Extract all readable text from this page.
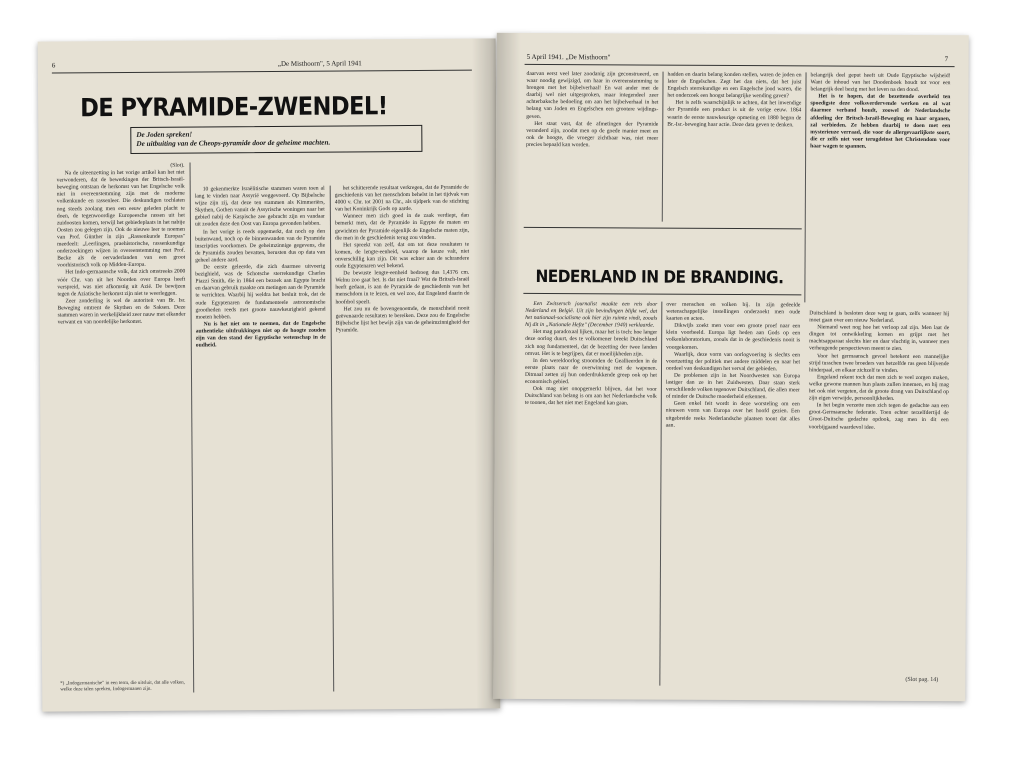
6	„De Misthoorn", 5 April 1941
DE PYRAMIDE-ZWENDEL!
De Joden spreken!
De uitbuiting van de Cheops-pyramide door de geheime machten.

(Slot).

Na de uiteenzetting in het vorige artikel kan het niet verwonderen, dat de bewerkingen der Britsch-Israël-beweging ontstaan de herkomst van het Engelsche volk niet in overeenstemming zijn met de moderne volkenkunde en rassenleer. Die deskundigen tochlaten nog steeds zoolang men een eeuw geleden placht te doen, de tegenwoordige Europeesche rassen uit het zuidoosten komen, terwijl het gebiedeplaats in het nabije Oosten zou gelegen zijn. Ook de nieuwe leer te noemen van Prof. Günther in zijn „Rassenkunde Europas" meedeelt: „Leerlingen, praehistorische, rassenkundige onderzoekingen wijzen in overeenstemming met Prof. Becke als de oervaderlanden van een groot voorhistorisch volk op Midden-Europa.

Het Indo-germaansche volk, dat zich omstreeks 2000 vóór Chr. van uit het Noorden over Europa heeft verspreid, was niet afkomstig uit Azië. De bewijzen tegen de Aziatische herkomst zijn niet te weerleggen.

Zeer zonderling is wel de autoriteit van Br. Isr. Beweging omtrent de Skythen en de Saksen. Deze stammen waren in werkelijkheid zeer nauw met elkander verwant en van noordelijke herkomst.

*) „Indogermanische" in een term, die uitsluit, dat alle volken, welke deze talen spreken, Indogermanen zijn.

10 gekenmerkte Israëlitische stammen waren toen al lang te vinden naar Assyrië weggevoerd. Op Bijbelsche wijze zijn zij, dat deze ten stammen als Kimmeriërs, Skythen, Gothen vanuit de Assyrische woningen naar het gebied nabij de Kaspische zee gebracht zijn en vandaar uit zouden deze den Oost van Europa gevonden hebben.

In het vorige is reeds opgemerkt, dat noch op den buitenwand, noch op de binnenwanden van de Pyramide inscripties voorkomen. De geheimzinnige gegevens, die de Pyramidis zouden bevatten, berusten dus op data van geheel andere aard.

De eerste geleerde, die zich daarmee uitvoerig bezighield, was de Schotsche sterrekundige Charles Piazzi Smith, die in 1864 een bezoek aan Egypte bracht en daarvan gebruik maakte om metingen aan de Pyramide te verrichten. Waarbij hij weldra het besluit trok, dat de oude Egyptenaren de fundamenteele astronomische grootheden reeds met groote nauwkeurigheid gekend moeten hebben.

Nu is het niet om te noemen, dat de Engelsche authentieke uitdrukkingen niet op de hoogte zouden zijn van den stand der Egyptische wetenschap in de oudheid.

het schitterende resultaat verkregen, dat de Pyramide de geschiedenis van het menschdom behelst in het tijdvak van 4000 v. Chr. tot 2001 na Chr., als tijdperk van de stichting van het Koninkrijk Gods op aarde.

Wanneer men zich goed in de zaak verdiept, dan bemerkt men, dat de Pyramide in Egypte de maten en gewichten der Pyramide eigenlijk de Engelsche maten zijn, die men in de geschiedenis terug zou vinden.

Het spreekt van zelf, dat om tot deze resultaten te komen, de lengte-eenheid, waarop de keuze valt, niet onverschillig kan zijn. Dit was echter aan de schrandere oude Egyptenaren wel bekend.

De bewuste lengte-eenheid bedroeg dus 1,4376 cm. Welnu zoo gaat het. Is dat niet fraai? Wat de Britsch-Israël heeft gedaan, is aan de Pyramide de geschiedenis van het menschdom in te lezen, en wel zoo, dat Engeland daarin de hoofdrol speelt.

Het zou nu de bovengenoemde, de menschheid nooit geëvenaarde resultaten te bereiken. Deze zou de Engelsche Bijbelsche lijst het bewijs zijn van de geheimzinnigheid der Pyramide.

5 April 1941. „De Misthoorn"	7

daarvan eerst veel later zoodanig zijn geconstrueerd, en waar noodig gewijzigd, om haar in overeenstemming te brengen met het bijbelverhaal! En wat ander met de daarbij wel niet uitgesproken, maar integendeel zeer achterbaksche bedoeling om aan het bijbelverhaal in het belang van Joden en Engelschen een grootere wijdings-geven.

Het staat vast, dat de afmetingen der Pyramide veranderd zijn, zoodat men op de goede manier meet en ook de hoogte, die vroeger zichtbaar was, niet meer precies bepaald kan worden.

hadden en daarin belang konden stellen, waren de joden en later de Engelschen. Zegt het dan niets, dat het juist Engelsch sterrekundige en een Engelsche jood waren, die het onderzoek een hoogst belangrijke wending gaven?

Het is zelfs waarschijnlijk te achten, dat het inwendige der Pyramide een product is uit de vorige eeuw. 1864 waarin de eerste nauwkeurige opmeting en 1880 begon de Br.-Isr.-beweging haar actie. Deze data geven te denken.

belangrijk deel geput heeft uit Oude Egyptische wijsheid! Want de inhoud van het Doodenboek houdt tot voor een belangrijk deel bezig met het leven na den dood.

Het is te hopen, dat de bezettende overheid ten spoedigste deze volksverdervende werken en al wat daarmee verband houdt, zoowel de Nederlandsche afdeeling der Britsch-Israël-Beweging en haar organen, zal verbieden. Ze hebben daarbij te doen met een mysterieuze verraad, die voor de allergevaarlijkste soort, die er zelfs niet voor terugdeinst het Christendom voor haar wagen te spannen.

NEDERLAND IN DE BRANDING.

Een Zwitsersch journalist maakte een reis door Nederland en België. Uit zijn bevindingen blijkt wel, dat het nationaal-socialisme ook hier zijn ruimte vindt, zooals hij dit in „Nationale Hefte" (December 1940) verklaarde.

Het mag paradoxaal lijken, maar het is toch: hoe langer deze oorlog duurt, des te volkomener breekt Duitschland zich nog fundamenteel, dat de bezetting der twee landen omvat. Het is te begrijpen, dat er moeilijkheden zijn.

In den wereldoorlog stroomden de Geallieerden in de eerste plaats naar de overwinning met de wapenen. Ditmaal zetten zij hun onderdrukkende greep ook op het economisch gebied.

Ook mag niet onopgemerkt blijven, dat het voor Duitschland van belang is om aan het Nederlandsche volk te toonen, dat het niet met Engeland kan gaan.

over menschen en volken bij. In zijn gedeelde wetenschappelijke instellingen onderzoekt men oude kaarten en acten.

Dikwijls zoekt men voor een groote proef naar een klein voorbeeld. Europa ligt heden aan Gods op een volkenlaboratorium, zooals dat in de geschiedenis nooit is voorgekomen.

Waarlijk, deze vorm van oorlogvoering is slechts een voortzetting der politiek met andere middelen en naar het oordeel van deskundigen het verval der gebieden.

De problemen zijn in het Noordwesten van Europa lastiger dan ze in het Zuidwesten. Daar staan sterk verschillende volken tegenover Duitschland, die allen meer of minder de Duitsche moederheid erkennen.

Geen enkel feit wordt in deze worsteling om een nieuwen vorm van Europa over het hoofd gezien. Een uitgebreide reeks Nederlandsche plaatsen toont dat alles aan.

Duitschland is besloten deze weg te gaan, zelfs wanneer hij moet gaan over een nieuw Nederland.

Niemand weet nog hoe het verloop zal zijn. Men laat de dingen tot ontwikkeling komen en grijpt met het machtsapparaat slechts hier en daar vluchtig in, wanneer men verheugende perspectieven meent te zien.

Voor het germaansch gevoel betekent een mannelijke strijd tusschen twee broeders van hetzelfde ras geen blijvende hinderpaal, en elkaar zichzelf te vinden.

Engeland rekent toch dat men zich te veel zorgen maken, welke gewone mannen hun plaats zullen innemen, en hij mag het ook niet vergeten, dat de groote drang van Duitschland op zijn eigen verwijde, persoonlijkheden.

In het begin verzette men zich tegen de gedachte aan een groot-Germaansche federatie. Toen echter terzelfdertijd de Groot-Duitsche gedachte opdook, zag men in dit een voorbijgaand waardevol idee.

(Slot pag. 14)
